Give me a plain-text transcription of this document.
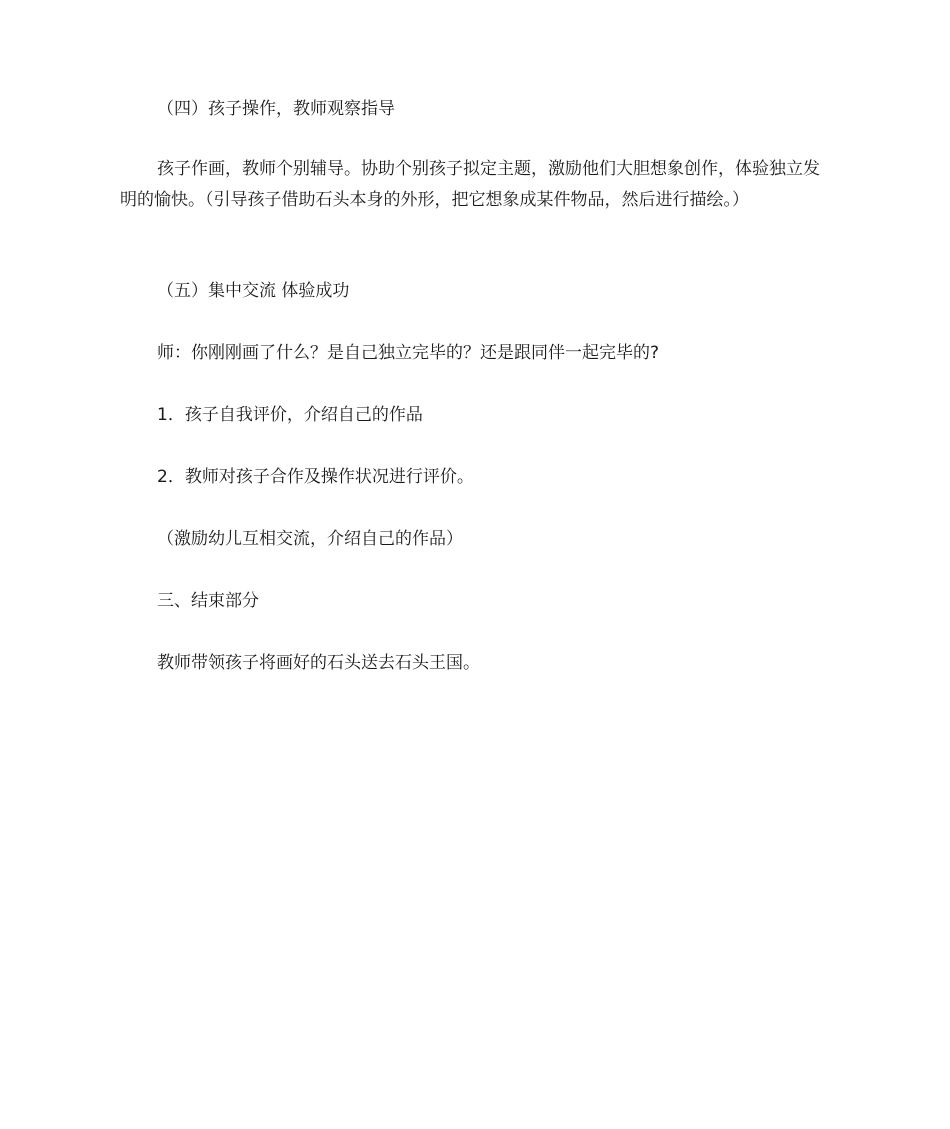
（四）孩子操作，教师观察指导

孩子作画，教师个别辅导。协助个别孩子拟定主题，激励他们大胆想象创作，体验独立发明的愉快。（引导孩子借助石头本身的外形，把它想象成某件物品，然后进行描绘。）

（五）集中交流 体验成功

师：你刚刚画了什么？是自己独立完毕的？还是跟同伴一起完毕的?

1．孩子自我评价，介绍自己的作品

2．教师对孩子合作及操作状况进行评价。

（激励幼儿互相交流，介绍自己的作品）

三、结束部分

教师带领孩子将画好的石头送去石头王国。
